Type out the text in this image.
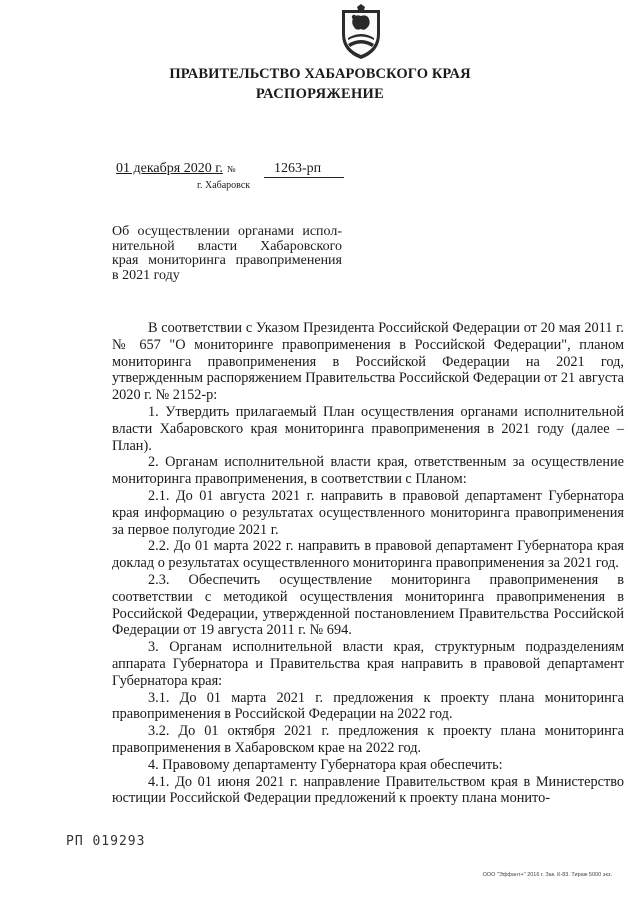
ПРАВИТЕЛЬСТВО ХАБАРОВСКОГО КРАЯ
РАСПОРЯЖЕНИЕ
01 декабря 2020 г. №	1263-рп
г. Хабаровск
Об осуществлении органами испол-
нительной власти Хабаровского
края мониторинга правоприменения
в 2021 году

В соответствии с Указом Президента Российской Федерации от 20 мая 2011 г. № 657 "О мониторинге правоприменения в Российской Федерации", планом мониторинга правоприменения в Российской Федерации на 2021 год, утвержденным распоряжением Правительства Российской Федерации от 21 августа 2020 г. № 2152-р:

1. Утвердить прилагаемый План осуществления органами исполнительной власти Хабаровского края мониторинга правоприменения в 2021 году (далее – План).

2. Органам исполнительной власти края, ответственным за осуществление мониторинга правоприменения, в соответствии с Планом:

2.1. До 01 августа 2021 г. направить в правовой департамент Губернатора края информацию о результатах осуществленного мониторинга правоприменения за первое полугодие 2021 г.

2.2. До 01 марта 2022 г. направить в правовой департамент Губернатора края доклад о результатах осуществленного мониторинга правоприменения за 2021 год.

2.3. Обеспечить осуществление мониторинга правоприменения в соответствии с методикой осуществления мониторинга правоприменения в Российской Федерации, утвержденной постановлением Правительства Российской Федерации от 19 августа 2011 г. № 694.

3. Органам исполнительной власти края, структурным подразделениям аппарата Губернатора и Правительства края направить в правовой департамент Губернатора края:

3.1. До 01 марта 2021 г. предложения к проекту плана мониторинга правоприменения в Российской Федерации на 2022 год.

3.2. До 01 октября 2021 г. предложения к проекту плана мониторинга правоприменения в Хабаровском крае на 2022 год.

4. Правовому департаменту Губернатора края обеспечить:

4.1. До 01 июня 2021 г. направление Правительством края в Министерство юстиции Российской Федерации предложений к проекту плана монито-

РП 019293
ООО "Эффант+" 2016 г. Зак. К-83. Тираж 5000 экз.
